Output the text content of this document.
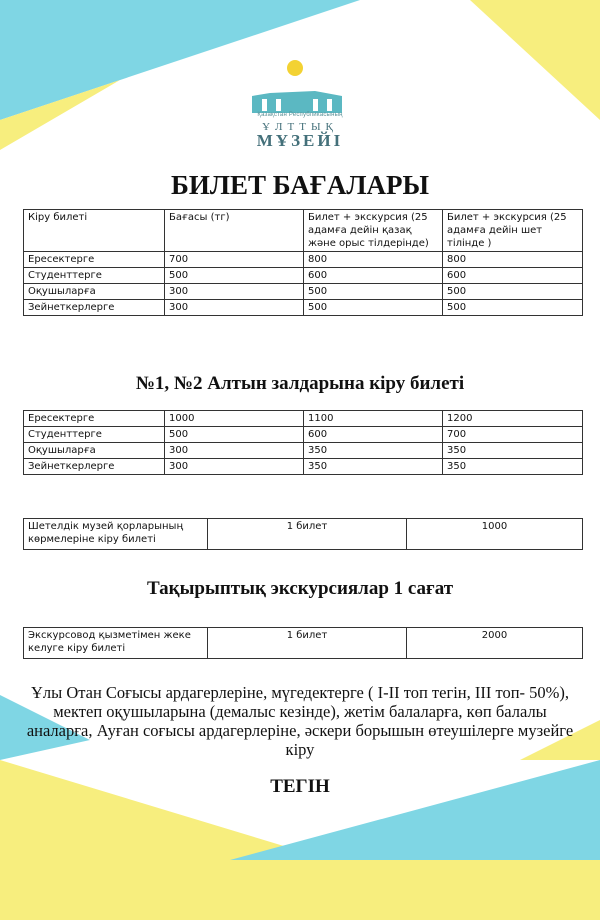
Қазақстан Республикасының
ҰЛТТЫҚ
МҰЗЕЙІ
БИЛЕТ БАҒАЛАРЫ
Кіру билеті	Бағасы (тг)	Билет + экскурсия (25 адамға дейін қазақ және орыс тілдерінде)	Билет + экскурсия (25 адамға дейін шет тілінде )
Ересектерге	700	800	800
Студенттерге	500	600	600
Оқушыларға	300	500	500
Зейнеткерлерге	300	500	500
№1, №2 Алтын залдарына кіру билеті
Ересектерге	1000	1100	1200
Студенттерге	500	600	700
Оқушыларға	300	350	350
Зейнеткерлерге	300	350	350
Шетелдік музей қорларының көрмелеріне кіру билеті	1 билет	1000
Тақырыптық экскурсиялар 1 сағат
Экскурсовод қызметімен жеке келуге кіру билеті	1 билет	2000
Ұлы Отан Соғысы ардагерлеріне, мүгедектерге ( I-II топ тегін, III топ- 50%), мектеп оқушыларына (демалыс кезінде), жетім балаларға, көп балалы аналарға, Ауған соғысы ардагерлеріне, әскери борышын өтеушілерге музейге кіру
ТЕГІН
